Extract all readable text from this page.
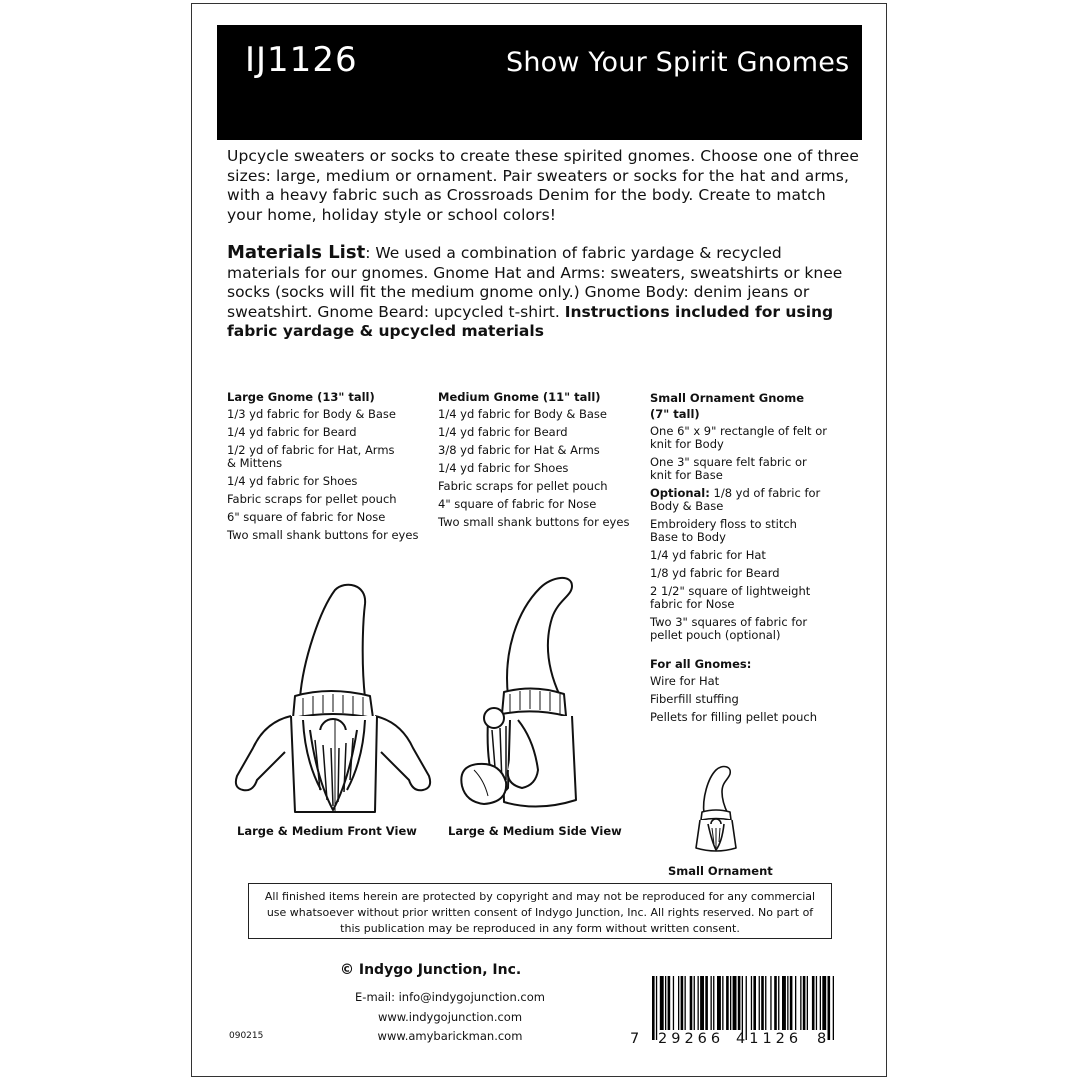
IJ1126	Show Your Spirit Gnomes
Upcycle sweaters or socks to create these spirited gnomes. Choose one of three sizes: large, medium or ornament. Pair sweaters or socks for the hat and arms, with a heavy fabric such as Crossroads Denim for the body. Create to match your home, holiday style or school colors!
Materials List: We used a combination of fabric yardage & recycled materials for our gnomes. Gnome Hat and Arms: sweaters, sweatshirts or knee socks (socks will fit the medium gnome only.) Gnome Body: denim jeans or sweatshirt. Gnome Beard: upcycled t-shirt. Instructions included for using fabric yardage & upcycled materials
Large Gnome (13" tall)
1/3 yd fabric for Body & Base
1/4 yd fabric for Beard
1/2 yd of fabric for Hat, Arms & Mittens
1/4 yd fabric for Shoes
Fabric scraps for pellet pouch
6" square of fabric for Nose
Two small shank buttons for eyes
Medium Gnome (11" tall)
1/4 yd fabric for Body & Base
1/4 yd fabric for Beard
3/8 yd fabric for Hat & Arms
1/4 yd fabric for Shoes
Fabric scraps for pellet pouch
4" square of fabric for Nose
Two small shank buttons for eyes
Small Ornament Gnome (7" tall)
One 6" x 9" rectangle of felt or knit for Body
One 3" square felt fabric or knit for Base
Optional: 1/8 yd of fabric for Body & Base
Embroidery floss to stitch Base to Body
1/4 yd fabric for Hat
1/8 yd fabric for Beard
2 1/2" square of lightweight fabric for Nose
Two 3" squares of fabric for pellet pouch (optional)
For all Gnomes:
Wire for Hat
Fiberfill stuffing
Pellets for filling pellet pouch
Large & Medium Front View	Large & Medium Side View
Small Ornament
All finished items herein are protected by copyright and may not be reproduced for any commercial use whatsoever without prior written consent of Indygo Junction, Inc. All rights reserved. No part of this publication may be reproduced in any form without written consent.
© Indygo Junction, Inc.
E-mail: info@indygojunction.com
www.indygojunction.com
www.amybarickman.com
090215	7 29266 41126 8
